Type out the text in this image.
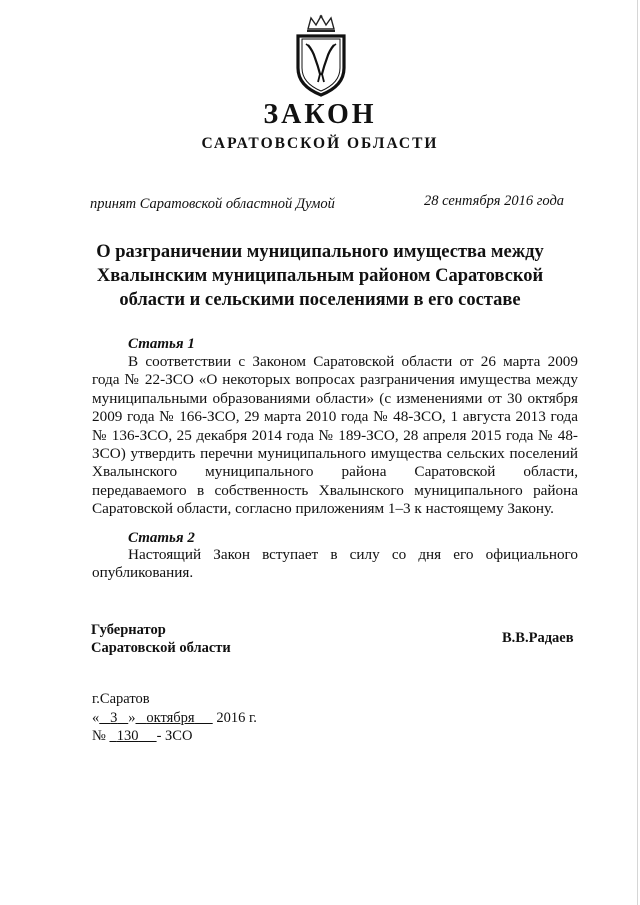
ЗАКОН
САРАТОВСКОЙ ОБЛАСТИ
принят Саратовской областной Думой	28 сентября 2016 года
О разграничении муниципального имущества между Хвалынским муниципальным районом Саратовской области и сельскими поселениями в его составе
Статья 1

В соответствии с Законом Саратовской области от 26 марта 2009 года № 22-ЗСО «О некоторых вопросах разграничения имущества между муниципальными образованиями области» (с изменениями от 30 октября 2009 года № 166-ЗСО, 29 марта 2010 года № 48-ЗСО, 1 августа 2013 года № 136-ЗСО, 25 декабря 2014 года № 189-ЗСО, 28 апреля 2015 года № 48-ЗСО) утвердить перечни муниципального имущества сельских поселений Хвалынского муниципального района Саратовской области, передаваемого в собственность Хвалынского муниципального района Саратовской области, согласно приложениям 1–3 к настоящему Закону.

Статья 2

Настоящий Закон вступает в силу со дня его официального опубликования.

Губернатор
Саратовской области
В.В.Радаев
г.Саратов
« 3 » октября 2016 г.
№ 130 - ЗСО
